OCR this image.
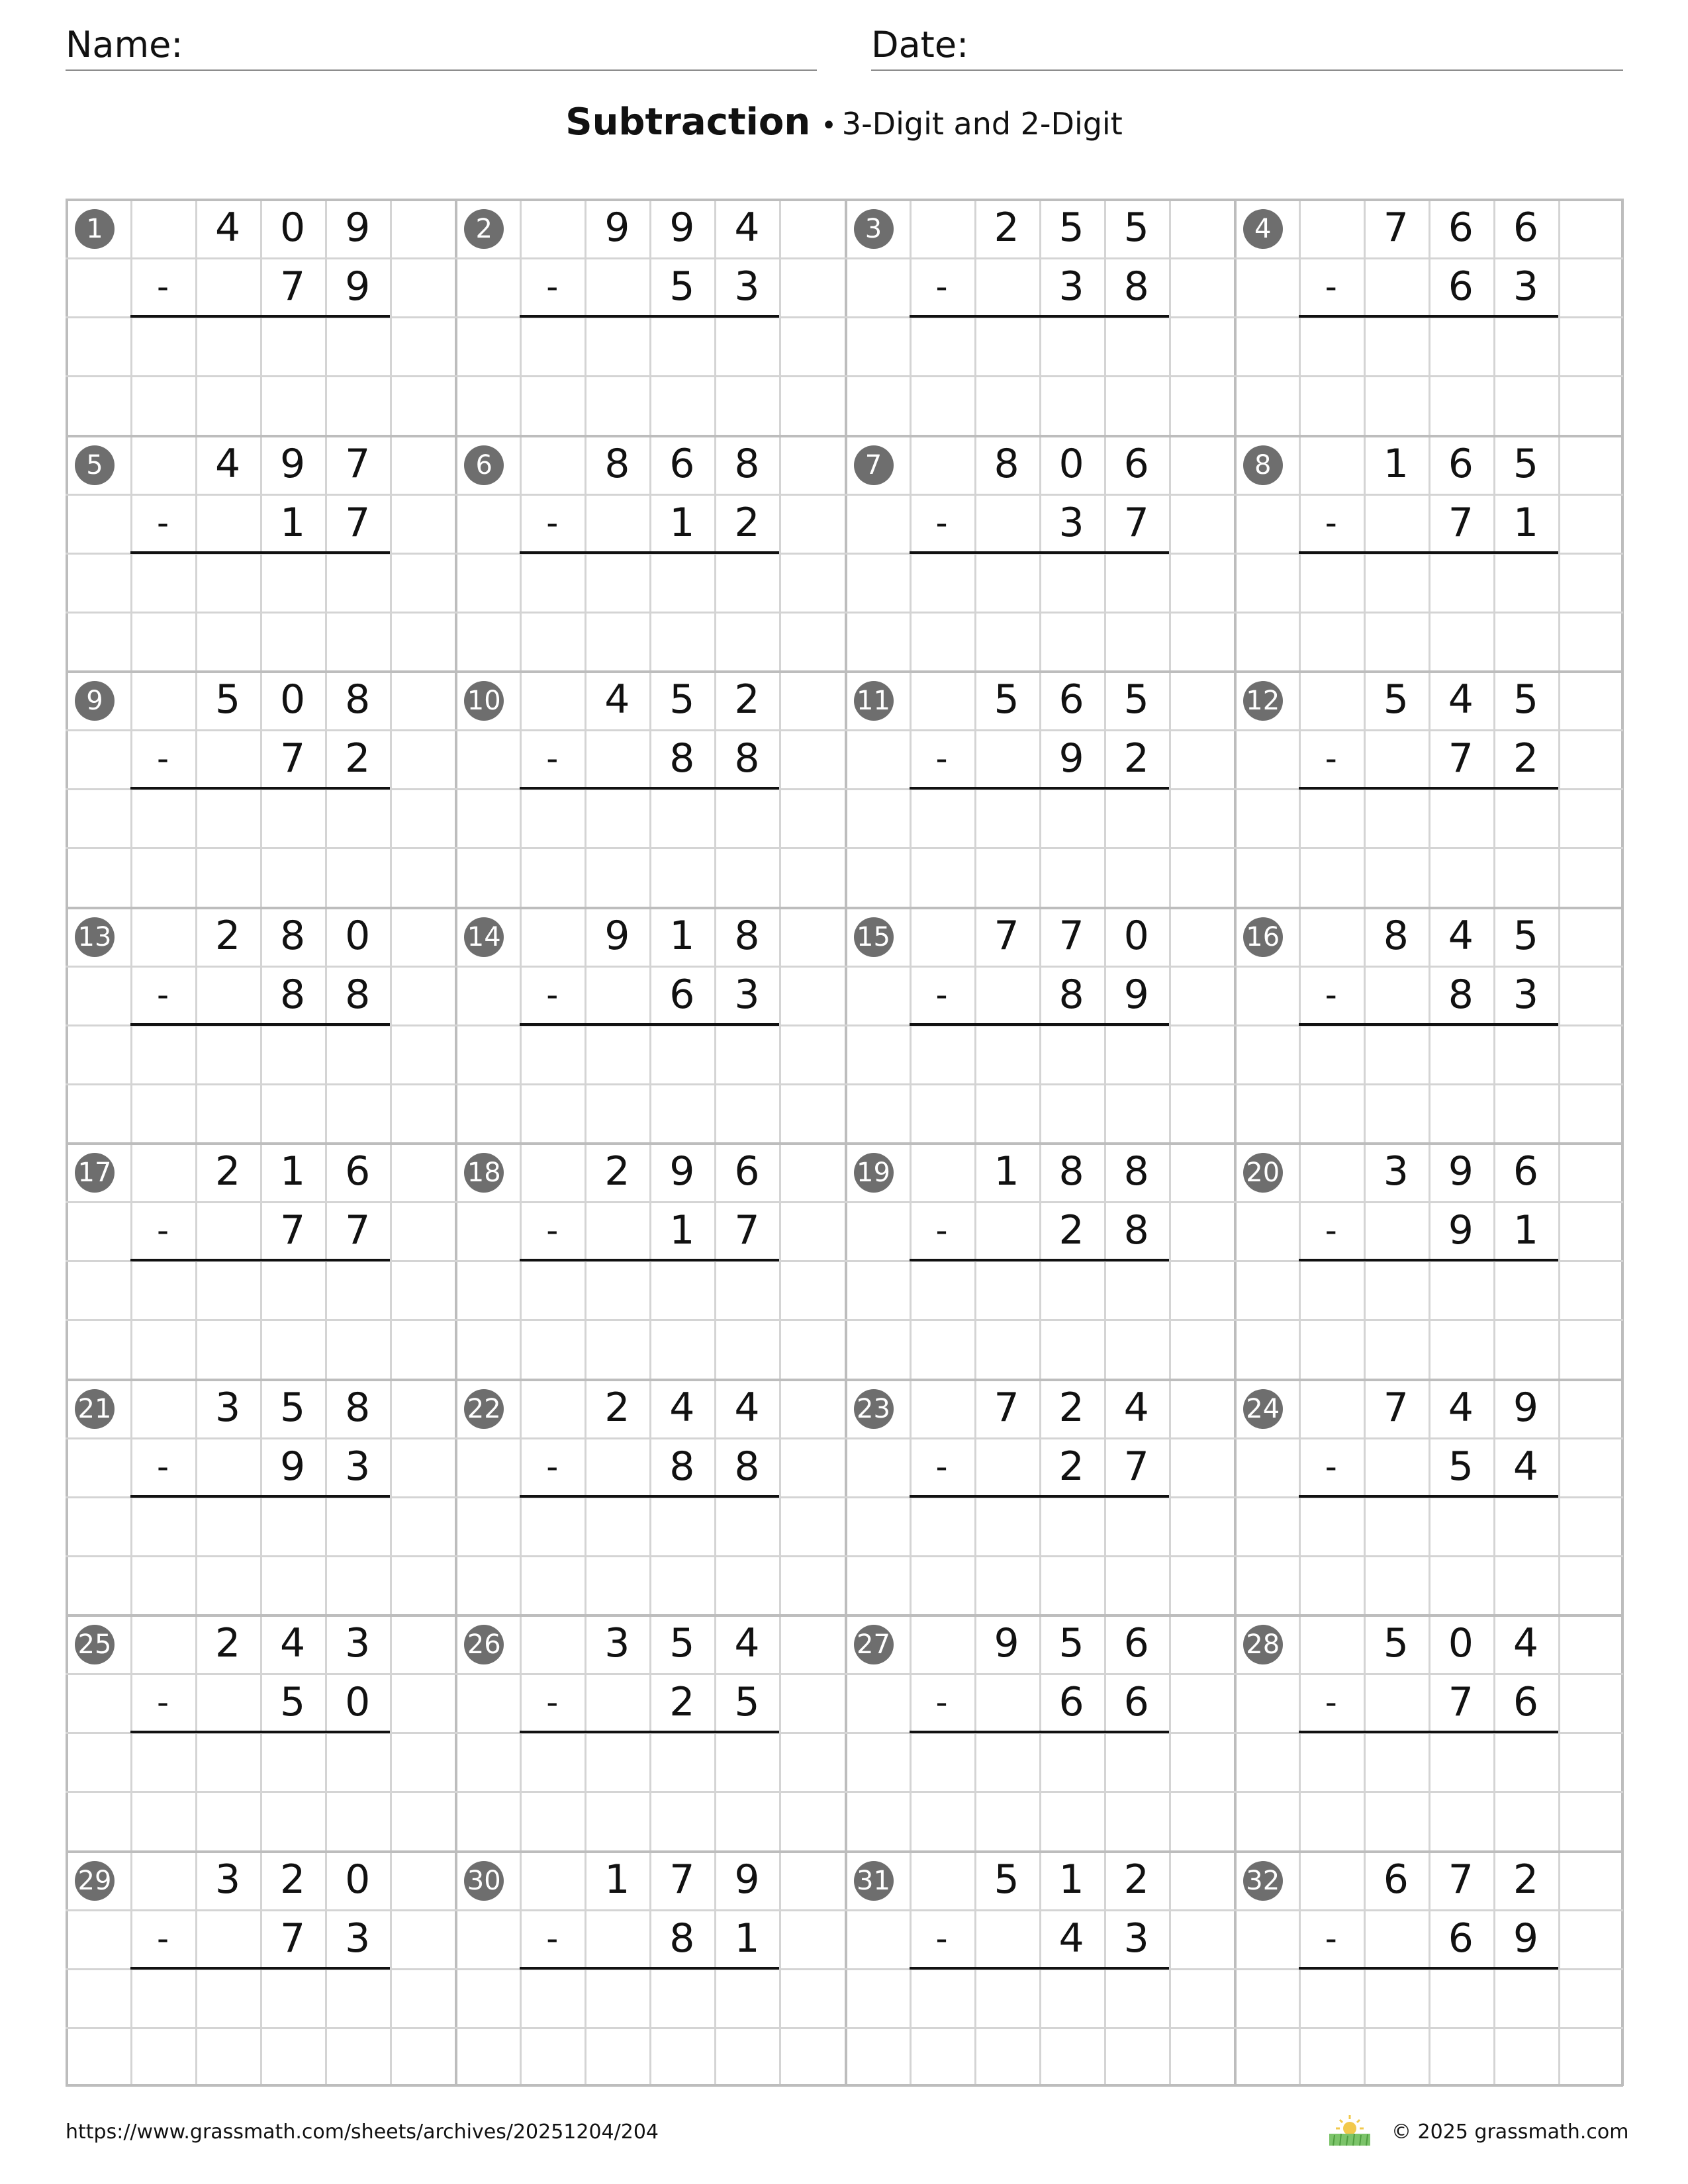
Name:	Date:
Subtraction • 3-Digit and 2-Digit
1	4 0 9
-	7 9
2	9 9 4
-	5 3
3	2 5 5
-	3 8
4	7 6 6
-	6 3
5	4 9 7
-	1 7
6	8 6 8
-	1 2
7	8 0 6
-	3 7
8	1 6 5
-	7 1
9	5 0 8
-	7 2
10	4 5 2
-	8 8
11	5 6 5
-	9 2
12	5 4 5
-	7 2
13	2 8 0
-	8 8
14	9 1 8
-	6 3
15	7 7 0
-	8 9
16	8 4 5
-	8 3
17	2 1 6
-	7 7
18	2 9 6
-	1 7
19	1 8 8
-	2 8
20	3 9 6
-	9 1
21	3 5 8
-	9 3
22	2 4 4
-	8 8
23	7 2 4
-	2 7
24	7 4 9
-	5 4
25	2 4 3
-	5 0
26	3 5 4
-	2 5
27	9 5 6
-	6 6
28	5 0 4
-	7 6
29	3 2 0
-	7 3
30	1 7 9
-	8 1
31	5 1 2
-	4 3
32	6 7 2
-	6 9
https://www.grassmath.com/sheets/archives/20251204/204	© 2025 grassmath.com
